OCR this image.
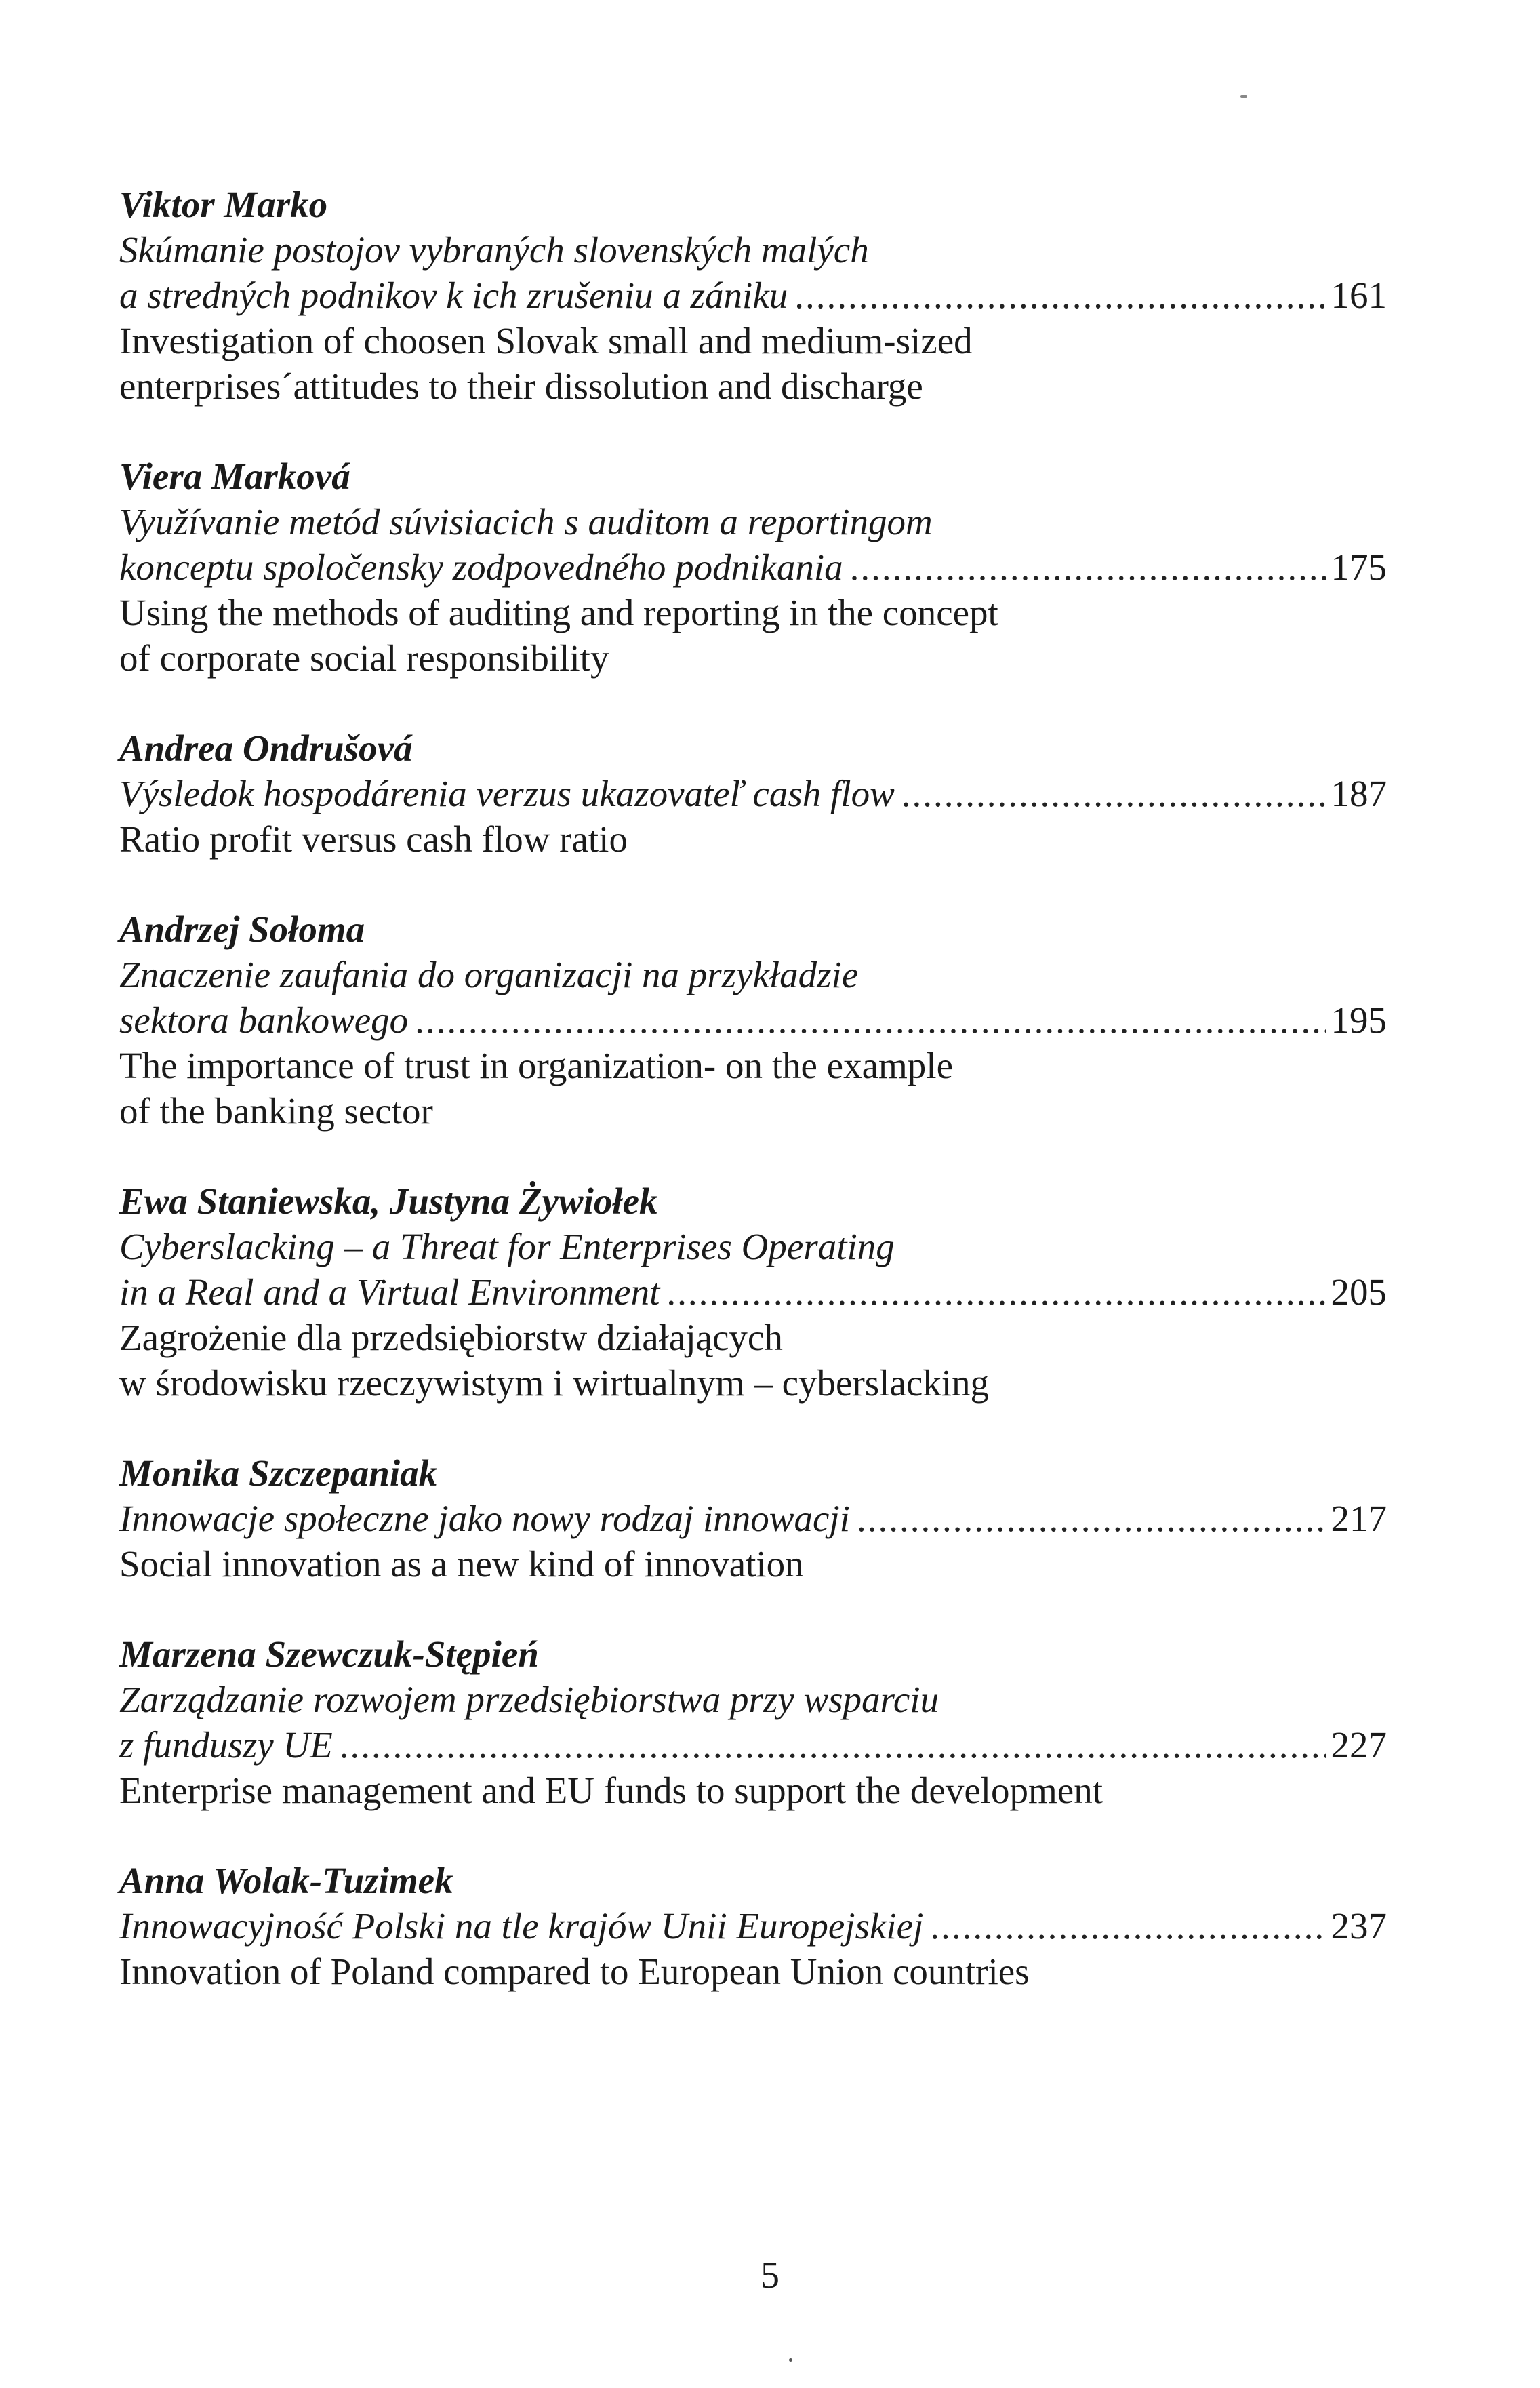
Viktor Marko
Skúmanie postojov vybraných slovenských malých
a stredných podnikov k ich zrušeniu a zániku .....	161
Investigation of choosen Slovak small and medium-sized
enterprises´attitudes to their dissolution and discharge
Viera Marková
Využívanie metód súvisiacich s auditom a reportingom
konceptu spoločensky zodpovedného podnikania .....	175
Using the methods of auditing and reporting in the concept
of corporate social responsibility
Andrea Ondrušová
Výsledok hospodárenia verzus ukazovateľ cash flow .....	187
Ratio profit versus cash flow ratio
Andrzej Sołoma
Znaczenie zaufania do organizacji na przykładzie
sektora bankowego .....	195
The importance of trust in organization- on the example
of the banking sector
Ewa Staniewska, Justyna Żywiołek
Cyberslacking – a Threat for Enterprises Operating
in a Real and a Virtual Environment .....	205
Zagrożenie dla przedsiębiorstw działających
w środowisku rzeczywistym i wirtualnym – cyberslacking
Monika Szczepaniak
Innowacje społeczne jako nowy rodzaj innowacji .....	217
Social innovation as a new kind of innovation
Marzena Szewczuk-Stępień
Zarządzanie rozwojem przedsiębiorstwa przy wsparciu
z funduszy UE .....	227
Enterprise management and EU funds to support the development
Anna Wolak-Tuzimek
Innowacyjność Polski na tle krajów Unii Europejskiej .....	237
Innovation of Poland compared to European Union countries
5
